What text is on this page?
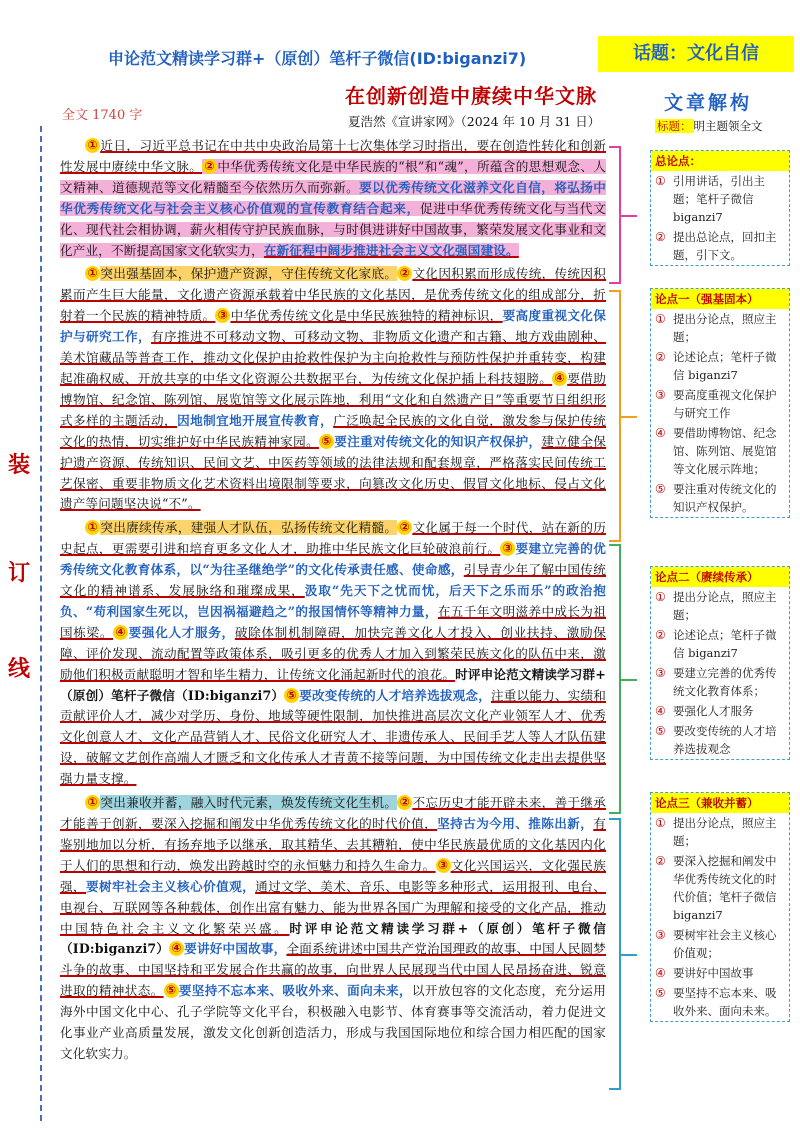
申论范文精读学习群+（原创）笔杆子微信(ID:biganzi7)	话题：文化自信
在创新创造中赓续中华文脉
夏浩然《宣讲家网》（2024 年 10 月 31 日）
全文 1740 字
装
订
线

① 近日，习近平总书记在中共中央政治局第十七次集体学习时指出，要在创造性转化和创新性发展中赓续中华文脉。 ② 中华优秀传统文化是中华民族的“根”和“魂”，所蕴含的思想观念、人文精神、道德规范等文化精髓至今依然历久而弥新。要以优秀传统文化滋养文化自信，将弘扬中华优秀传统文化与社会主义核心价值观的宣传教育结合起来，促进中华优秀传统文化与当代文化、现代社会相协调，薪火相传守护民族血脉，与时俱进讲好中国故事，繁荣发展文化事业和文化产业，不断提高国家文化软实力，在新征程中阔步推进社会主义文化强国建设。

① 突出强基固本，保护遗产资源，守住传统文化家底。 ② 文化因积累而形成传统，传统因积累而产生巨大能量，文化遗产资源承载着中华民族的文化基因，是优秀传统文化的组成部分，折射着一个民族的精神特质。 ③ 中华优秀传统文化是中华民族独特的精神标识，要高度重视文化保护与研究工作，有序推进不可移动文物、可移动文物、非物质文化遗产和古籍、地方戏曲剧种、美术馆藏品等普查工作，推动文化保护由抢救性保护为主向抢救性与预防性保护并重转变，构建起准确权威、开放共享的中华文化资源公共数据平台，为传统文化保护插上科技翅膀。 ④ 要借助博物馆、纪念馆、陈列馆、展览馆等文化展示阵地，利用“文化和自然遗产日”等重要节日组织形式多样的主题活动，因地制宜地开展宣传教育，广泛唤起全民族的文化自觉，激发参与保护传统文化的热情，切实维护好中华民族精神家园。 ⑤ 要注重对传统文化的知识产权保护，建立健全保护遗产资源、传统知识、民间文艺、中医药等领域的法律法规和配套规章，严格落实民间传统工艺保密、重要非物质文化艺术资料出境限制等要求，向篡改文化历史、假冒文化地标、侵占文化遗产等问题坚决说“不”。

① 突出赓续传承，建强人才队伍，弘扬传统文化精髓。 ② 文化属于每一个时代，站在新的历史起点，更需要引进和培育更多文化人才，助推中华民族文化巨轮破浪前行。 ③ 要建立完善的优秀传统文化教育体系，以“为往圣继绝学”的文化传承责任感、使命感，引导青少年了解中国传统文化的精神谱系、发展脉络和璀璨成果，汲取“先天下之忧而忧，后天下之乐而乐”的政治抱负、“苟利国家生死以，岂因祸福避趋之”的报国情怀等精神力量，在五千年文明滋养中成长为祖国栋梁。 ④ 要强化人才服务，破除体制机制障碍，加快完善文化人才投入、创业扶持、激励保障、评价发现、流动配置等政策体系，吸引更多的优秀人才加入到繁荣民族文化的队伍中来，激励他们积极贡献聪明才智和毕生精力，让传统文化涌起新时代的浪花。时评申论范文精读学习群+（原创）笔杆子微信（ID:biganzi7） ⑤ 要改变传统的人才培养选拔观念，注重以能力、实绩和贡献评价人才，减少对学历、身份、地域等硬性限制，加快推进高层次文化产业领军人才、优秀文化创意人才、文化产品营销人才、民俗文化研究人才、非遗传承人、民间手艺人等人才队伍建设，破解文艺创作高端人才匮乏和文化传承人才青黄不接等问题，为中国传统文化走出去提供坚强力量支撑。

① 突出兼收并蓄，融入时代元素，焕发传统文化生机。 ② 不忘历史才能开辟未来，善于继承才能善于创新，要深入挖掘和阐发中华优秀传统文化的时代价值，坚持古为今用、推陈出新，有鉴别地加以分析，有扬弃地予以继承，取其精华、去其糟粕，使中华民族最优质的文化基因内化于人们的思想和行动，焕发出跨越时空的永恒魅力和持久生命力。 ③ 文化兴国运兴，文化强民族强，要树牢社会主义核心价值观，通过文学、美术、音乐、电影等多种形式，运用报刊、电台、电视台、互联网等各种载体，创作出富有魅力、能为世界各国广为理解和接受的文化产品，推动中国特色社会主义文化繁荣兴盛。时评申论范文精读学习群+（原创）笔杆子微信（ID:biganzi7） ④ 要讲好中国故事，全面系统讲述中国共产党治国理政的故事、中国人民圆梦斗争的故事、中国坚持和平发展合作共赢的故事，向世界人民展现当代中国人民昂扬奋进、锐意进取的精神状态。 ⑤ 要坚持不忘本来、吸收外来、面向未来，以开放包容的文化态度，充分运用海外中国文化中心、孔子学院等文化平台，积极融入电影节、体育赛事等交流活动，着力促进文化事业产业高质量发展，激发文化创新创造活力，形成与我国国际地位和综合国力相匹配的国家文化软实力。

文章解构
标题： 明主题领全文
总论点：
① 引用讲话，引出主题；笔杆子微信 biganzi7
② 提出总论点，回扣主题，引下文。
论点一（强基固本）
① 提出分论点，照应主题；
② 论述论点；笔杆子微信 biganzi7
③ 要高度重视文化保护与研究工作
④ 要借助博物馆、纪念馆、陈列馆、展览馆等文化展示阵地；
⑤ 要注重对传统文化的知识产权保护。
论点二（赓续传承）
① 提出分论点，照应主题；
② 论述论点；笔杆子微信 biganzi7
③ 要建立完善的优秀传统文化教育体系；
④ 要强化人才服务
⑤ 要改变传统的人才培养选拔观念
论点三（兼收并蓄）
① 提出分论点，照应主题；
② 要深入挖掘和阐发中华优秀传统文化的时代价值；笔杆子微信 biganzi7
③ 要树牢社会主义核心价值观；
④ 要讲好中国故事
⑤ 要坚持不忘本来、吸收外来、面向未来。
